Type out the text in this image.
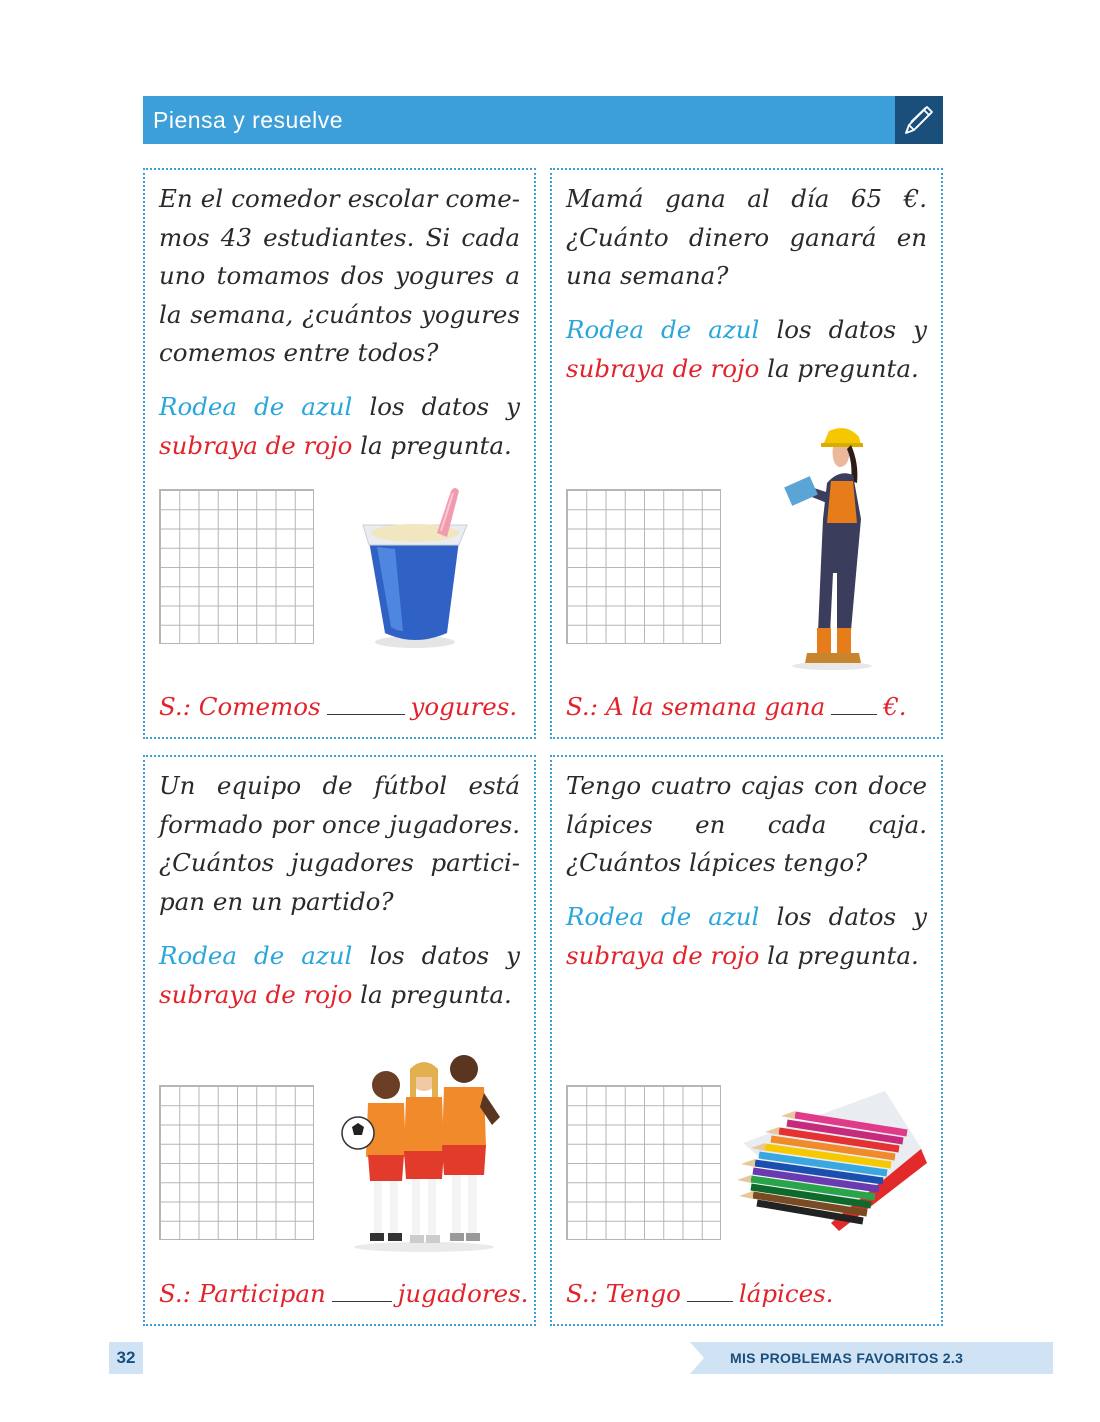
Piensa y resuelve

En el comedor escolar come-mos 43 estudiantes. Si cada uno tomamos dos yogures a la semana, ¿cuántos yogures comemos entre todos?

Rodea de azul los datos y subraya de rojo la pregunta.

S.: Comemos	yogures.

Mamá gana al día 65 €. ¿Cuánto dinero ganará en una semana?

Rodea de azul los datos y subraya de rojo la pregunta.

S.: A la semana gana €.

Un equipo de fútbol está formado por once jugadores. ¿Cuántos jugadores partici-pan en un partido?

Rodea de azul los datos y subraya de rojo la pregunta.

S.: Participan	jugadores.

Tengo cuatro cajas con doce lápices en cada caja. ¿Cuántos lápices tengo?

Rodea de azul los datos y subraya de rojo la pregunta.

S.: Tengo lápices.
32	MIS PROBLEMAS FAVORITOS 2.3
